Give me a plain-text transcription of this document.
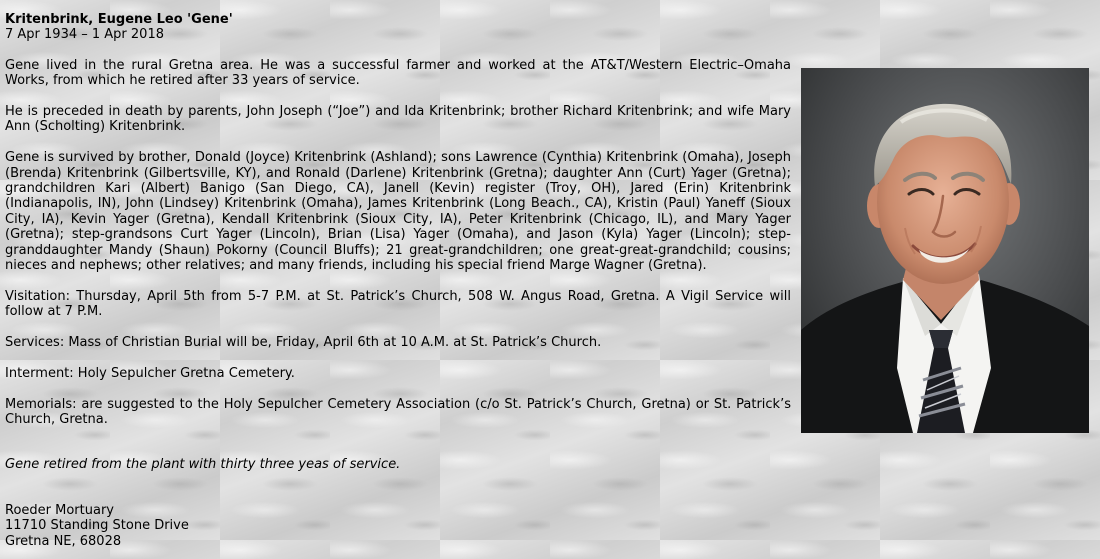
Kritenbrink, Eugene Leo 'Gene'
7 Apr 1934 – 1 Apr 2018
Gene lived in the rural Gretna area. He was a successful farmer and worked at the AT&T/Western Electric–Omaha Works, from which he retired after 33 years of service.
He is preceded in death by parents, John Joseph (“Joe”) and Ida Kritenbrink; brother Richard Kritenbrink; and wife Mary Ann (Scholting) Kritenbrink.
Gene is survived by brother, Donald (Joyce) Kritenbrink (Ashland); sons Lawrence (Cynthia) Kritenbrink (Omaha), Joseph (Brenda) Kritenbrink (Gilbertsville, KY), and Ronald (Darlene) Kritenbrink (Gretna); daughter Ann (Curt) Yager (Gretna); grandchildren Kari (Albert) Banigo (San Diego, CA), Janell (Kevin) register (Troy, OH), Jared (Erin) Kritenbrink (Indianapolis, IN), John (Lindsey) Kritenbrink (Omaha), James Kritenbrink (Long Beach., CA), Kristin (Paul) Yaneff (Sioux City, IA), Kevin Yager (Gretna), Kendall Kritenbrink (Sioux City, IA), Peter Kritenbrink (Chicago, IL), and Mary Yager (Gretna); step-grandsons Curt Yager (Lincoln), Brian (Lisa) Yager (Omaha), and Jason (Kyla) Yager (Lincoln); step-granddaughter Mandy (Shaun) Pokorny (Council Bluffs); 21 great-grandchildren; one great-great-grandchild; cousins; nieces and nephews; other relatives; and many friends, including his special friend Marge Wagner (Gretna).
Visitation: Thursday, April 5th from 5-7 P.M. at St. Patrick’s Church, 508 W. Angus Road, Gretna. A Vigil Service will follow at 7 P.M.
Services: Mass of Christian Burial will be, Friday, April 6th at 10 A.M. at St. Patrick’s Church.
Interment: Holy Sepulcher Gretna Cemetery.
Memorials: are suggested to the Holy Sepulcher Cemetery Association (c/o St. Patrick’s Church, Gretna) or St. Patrick’s Church, Gretna.
Gene retired from the plant with thirty three yeas of service.
Roeder Mortuary
11710 Standing Stone Drive
Gretna NE, 68028
